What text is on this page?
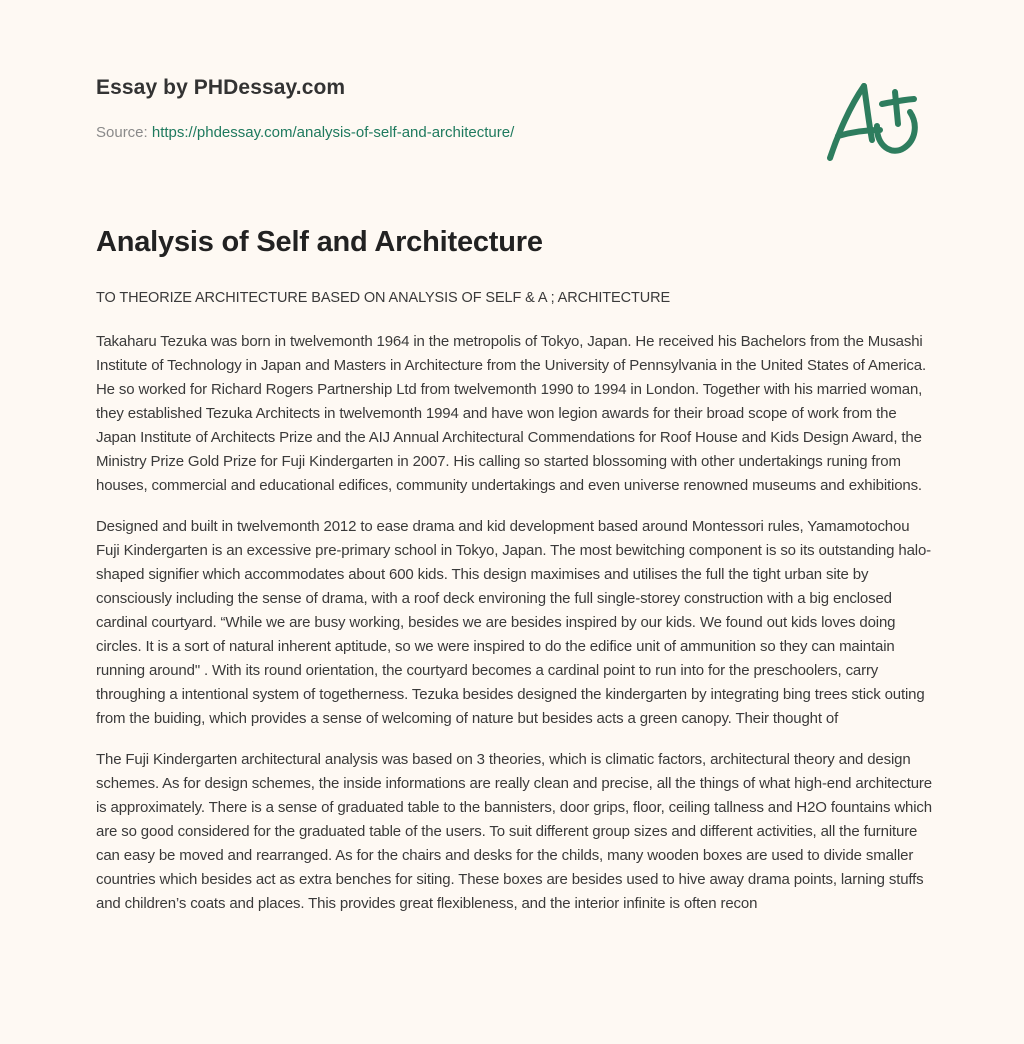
Essay by PHDessay.com
Source: https://phdessay.com/analysis-of-self-and-architecture/
Analysis of Self and Architecture

TO THEORIZE ARCHITECTURE BASED ON ANALYSIS OF SELF & A ; ARCHITECTURE

Takaharu Tezuka was born in twelvemonth 1964 in the metropolis of Tokyo, Japan. He received his Bachelors from the Musashi Institute of Technology in Japan and Masters in Architecture from the University of Pennsylvania in the United States of America. He so worked for Richard Rogers Partnership Ltd from twelvemonth 1990 to 1994 in London. Together with his married woman, they established Tezuka Architects in twelvemonth 1994 and have won legion awards for their broad scope of work from the Japan Institute of Architects Prize and the AIJ Annual Architectural Commendations for Roof House and Kids Design Award, the Ministry Prize Gold Prize for Fuji Kindergarten in 2007. His calling so started blossoming with other undertakings runing from houses, commercial and educational edifices, community undertakings and even universe renowned museums and exhibitions.

Designed and built in twelvemonth 2012 to ease drama and kid development based around Montessori rules, Yamamotochou Fuji Kindergarten is an excessive pre-primary school in Tokyo, Japan. The most bewitching component is so its outstanding halo-shaped signifier which accommodates about 600 kids. This design maximises and utilises the full the tight urban site by consciously including the sense of drama, with a roof deck environing the full single-storey construction with a big enclosed cardinal courtyard. “While we are busy working, besides we are besides inspired by our kids. We found out kids loves doing circles. It is a sort of natural inherent aptitude, so we were inspired to do the edifice unit of ammunition so they can maintain running around" . With its round orientation, the courtyard becomes a cardinal point to run into for the preschoolers, carry throughing a intentional system of togetherness. Tezuka besides designed the kindergarten by integrating bing trees stick outing from the buiding, which provides a sense of welcoming of nature but besides acts a green canopy. Their thought of

The Fuji Kindergarten architectural analysis was based on 3 theories, which is climatic factors, architectural theory and design schemes. As for design schemes, the inside informations are really clean and precise, all the things of what high-end architecture is approximately. There is a sense of graduated table to the bannisters, door grips, floor, ceiling tallness and H2O fountains which are so good considered for the graduated table of the users. To suit different group sizes and different activities, all the furniture can easy be moved and rearranged. As for the chairs and desks for the childs, many wooden boxes are used to divide smaller countries which besides act as extra benches for siting. These boxes are besides used to hive away drama points, larning stuffs and children’s coats and places. This provides great flexibleness, and the interior infinite is often recon
